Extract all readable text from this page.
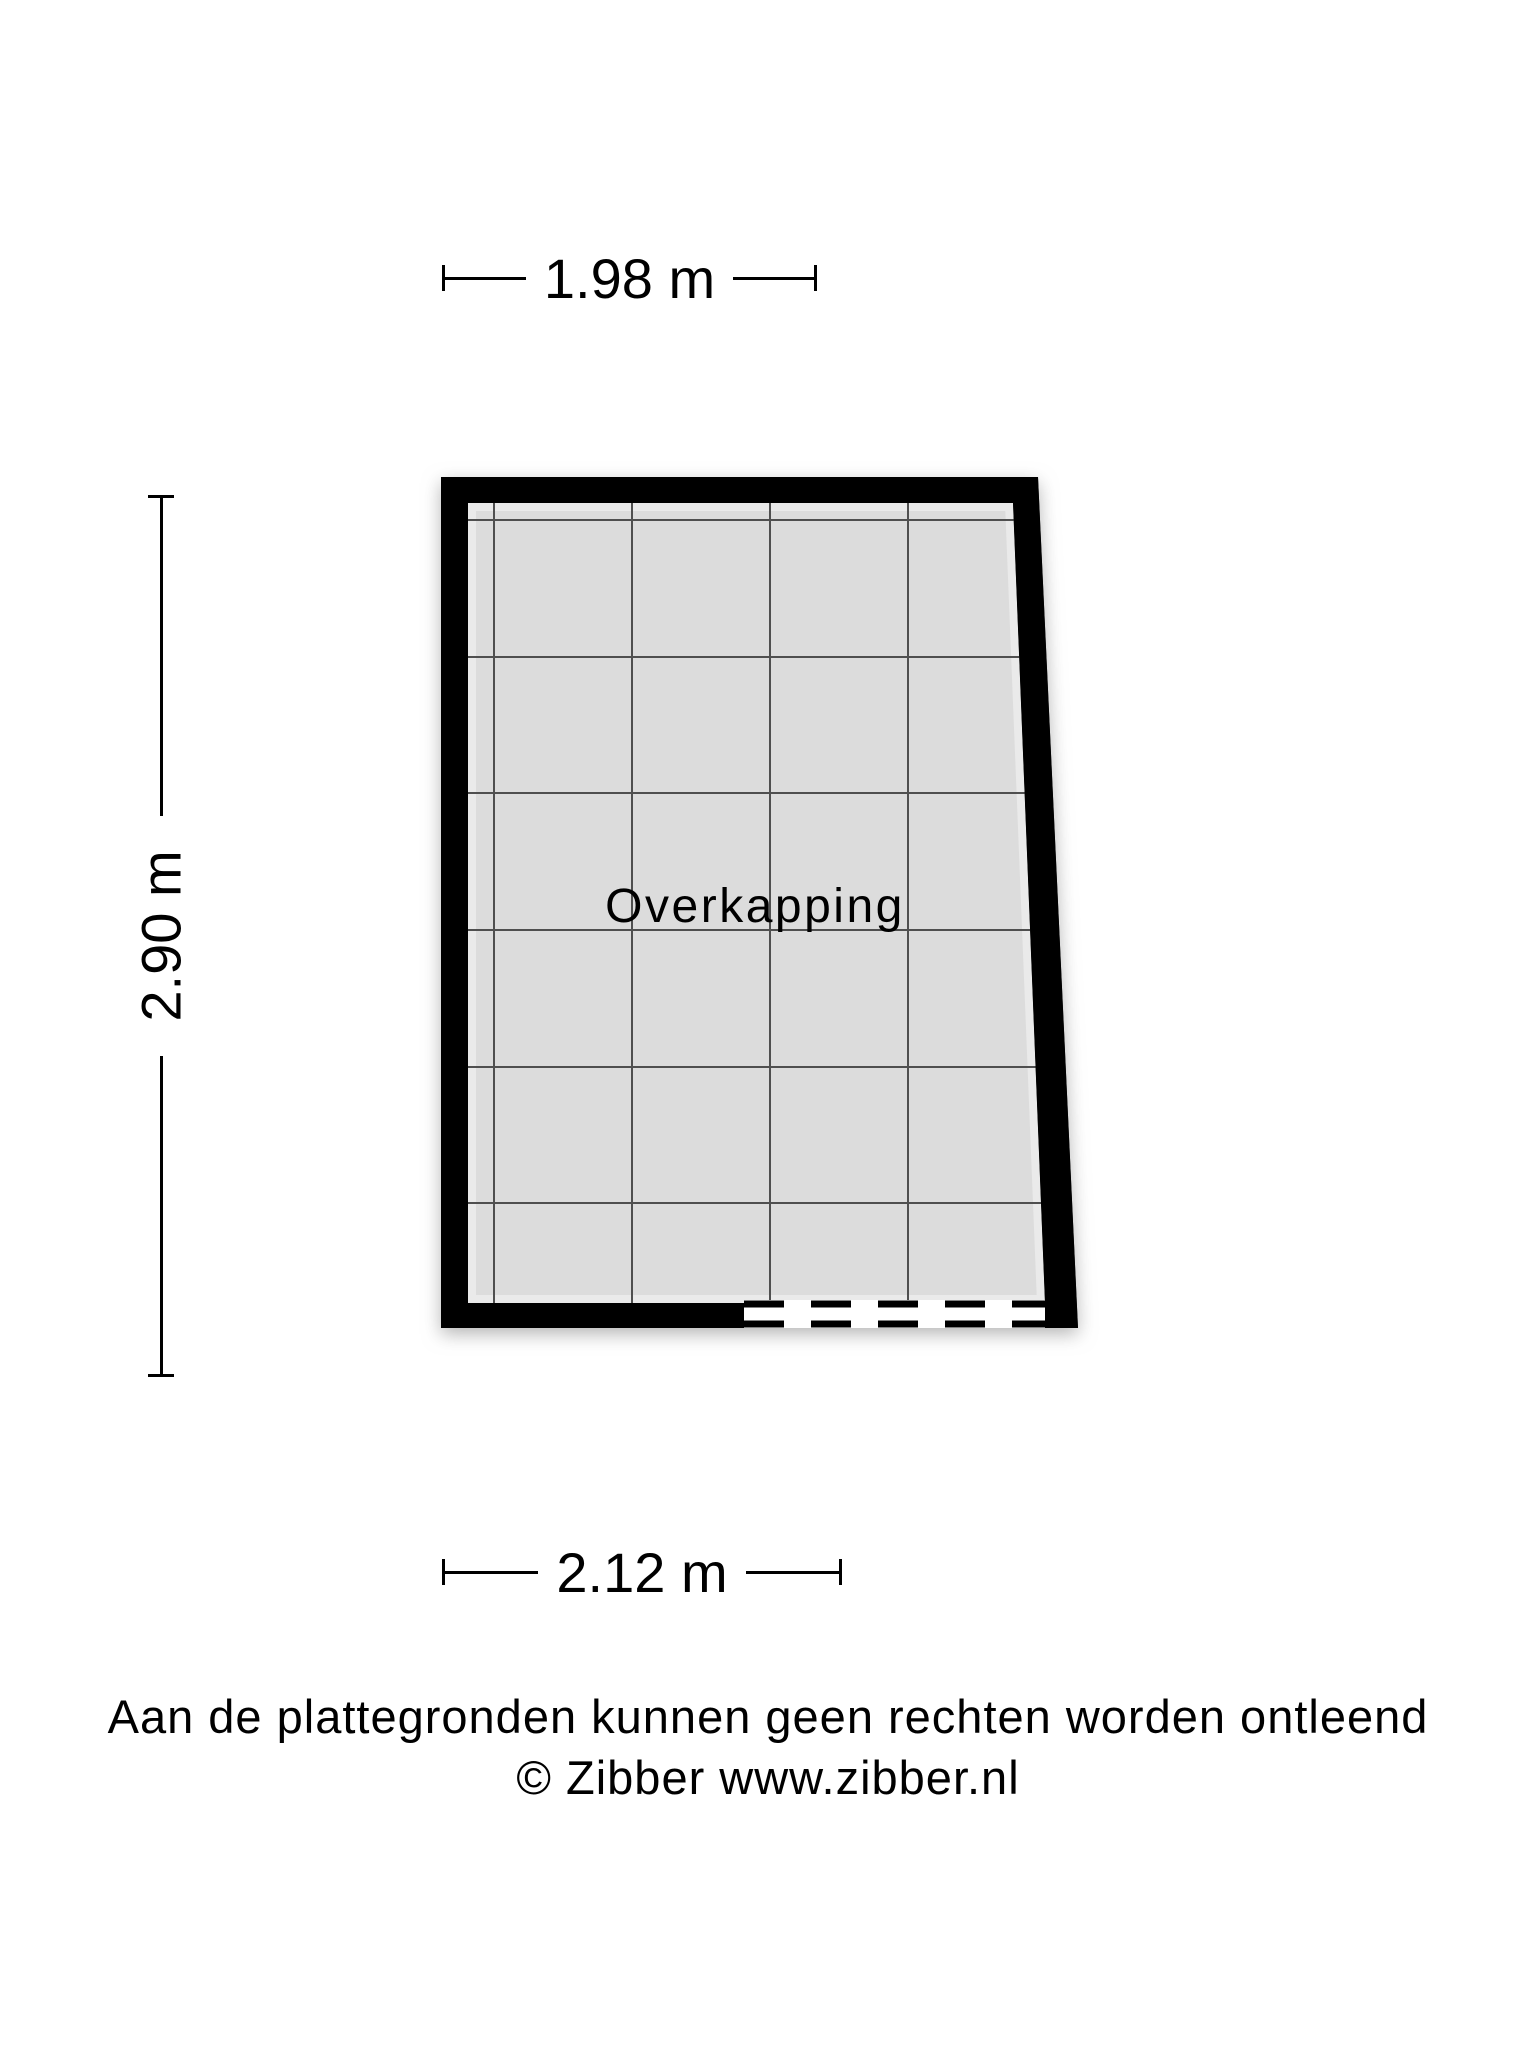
Overkapping
1.98 m
2.90 m
2.12 m
Aan de plattegronden kunnen geen rechten worden ontleend
© Zibber www.zibber.nl
